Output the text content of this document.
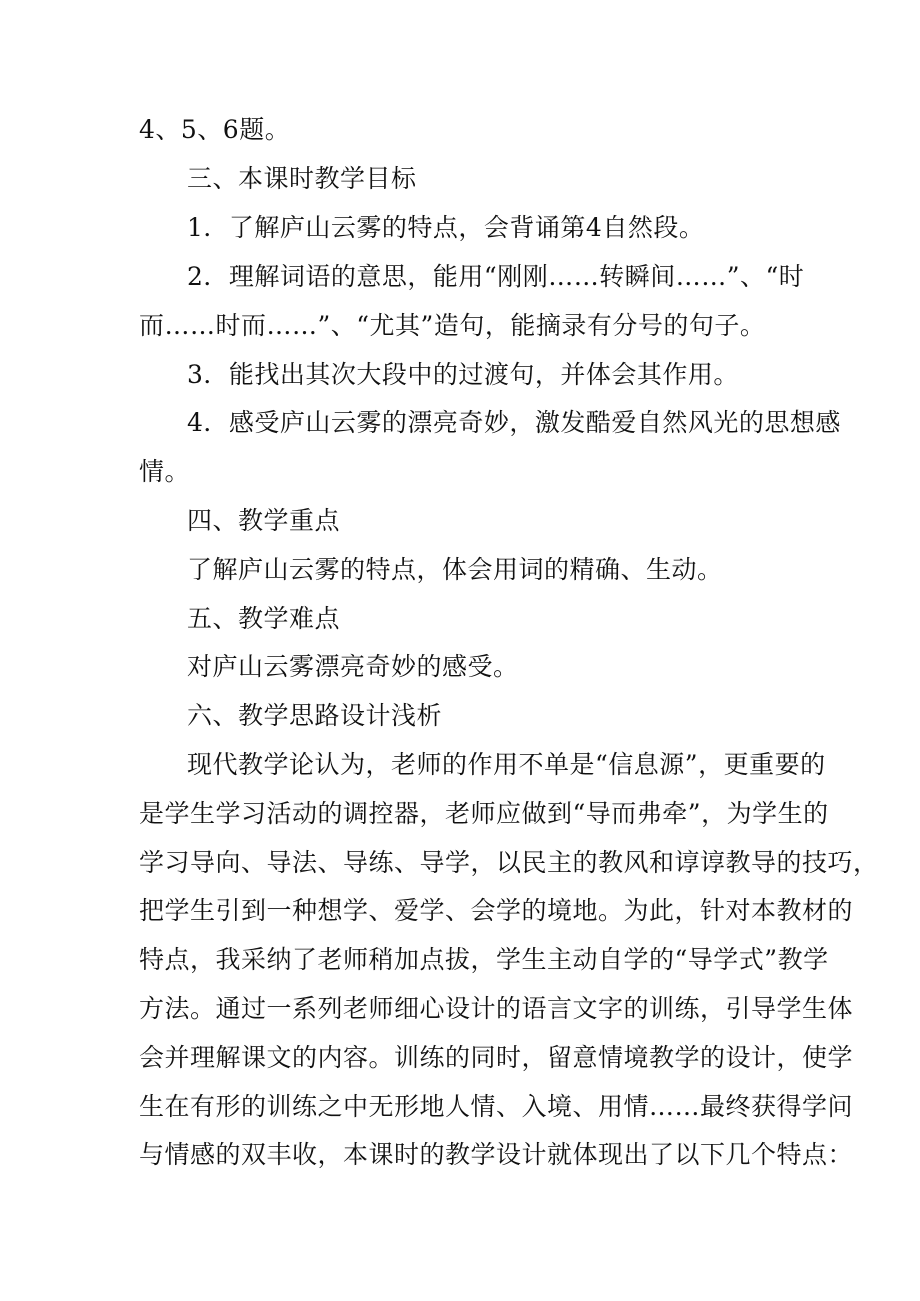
4、5、6题。
三、本课时教学目标
1．了解庐山云雾的特点，会背诵第4自然段。
2．理解词语的意思，能用“刚刚……转瞬间……”、“时
而……时而……”、“尤其”造句，能摘录有分号的句子。
3．能找出其次大段中的过渡句，并体会其作用。
4．感受庐山云雾的漂亮奇妙，激发酷爱自然风光的思想感
情。
四、教学重点
了解庐山云雾的特点，体会用词的精确、生动。
五、教学难点
对庐山云雾漂亮奇妙的感受。
六、教学思路设计浅析
现代教学论认为，老师的作用不单是“信息源”，更重要的
是学生学习活动的调控器，老师应做到“导而弗牵”，为学生的
学习导向、导法、导练、导学，以民主的教风和谆谆教导的技巧，
把学生引到一种想学、爱学、会学的境地。为此，针对本教材的
特点，我采纳了老师稍加点拔，学生主动自学的“导学式”教学
方法。通过一系列老师细心设计的语言文字的训练，引导学生体
会并理解课文的内容。训练的同时，留意情境教学的设计，使学
生在有形的训练之中无形地人情、入境、用情……最终获得学问
与情感的双丰收，本课时的教学设计就体现出了以下几个特点：
